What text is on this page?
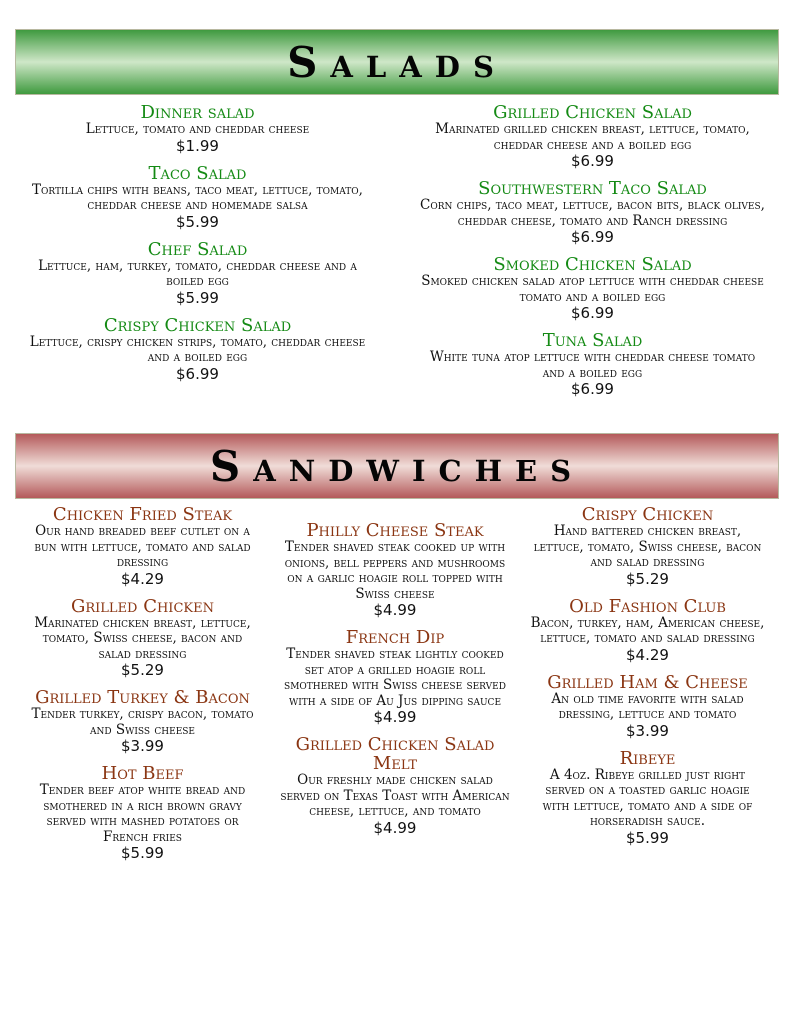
Salads
Dinner salad
Lettuce, tomato and cheddar cheese
$1.99
Taco Salad
Tortilla chips with beans, taco meat, lettuce, tomato, cheddar cheese and homemade salsa
$5.99
Chef Salad
Lettuce, ham, turkey, tomato, cheddar cheese and a boiled egg
$5.99
Crispy Chicken Salad
Lettuce, crispy chicken strips, tomato, cheddar cheese and a boiled egg
$6.99
Grilled Chicken Salad
Marinated grilled chicken breast, lettuce, tomato, cheddar cheese and a boiled egg
$6.99
Southwestern Taco Salad
Corn chips, taco meat, lettuce, bacon bits, black olives, cheddar cheese, tomato and Ranch dressing
$6.99
Smoked Chicken Salad
Smoked chicken salad atop lettuce with cheddar cheese tomato and a boiled egg
$6.99
Tuna Salad
White tuna atop lettuce with cheddar cheese tomato and a boiled egg
$6.99
Sandwiches
Chicken Fried Steak
Our hand breaded beef cutlet on a bun with lettuce, tomato and salad dressing
$4.29
Grilled Chicken
Marinated chicken breast, lettuce, tomato, Swiss cheese, bacon and salad dressing
$5.29
Grilled Turkey & Bacon
Tender turkey, crispy bacon, tomato and Swiss cheese
$3.99
Hot Beef
Tender beef atop white bread and smothered in a rich brown gravy served with mashed potatoes or French fries
$5.99
Philly Cheese Steak
Tender shaved steak cooked up with onions, bell peppers and mushrooms on a garlic hoagie roll topped with Swiss cheese
$4.99
French Dip
Tender shaved steak lightly cooked set atop a grilled hoagie roll smothered with Swiss cheese served with a side of Au Jus dipping sauce
$4.99
Grilled Chicken Salad Melt
Our freshly made chicken salad served on Texas Toast with American cheese, lettuce, and tomato
$4.99
Crispy Chicken
Hand battered chicken breast, lettuce, tomato, Swiss cheese, bacon and salad dressing
$5.29
Old Fashion Club
Bacon, turkey, ham, American cheese, lettuce, tomato and salad dressing
$4.29
Grilled Ham & Cheese
An old time favorite with salad dressing, lettuce and tomato
$3.99
Ribeye
A 4oz. Ribeye grilled just right served on a toasted garlic hoagie with lettuce, tomato and a side of horseradish sauce.
$5.99
